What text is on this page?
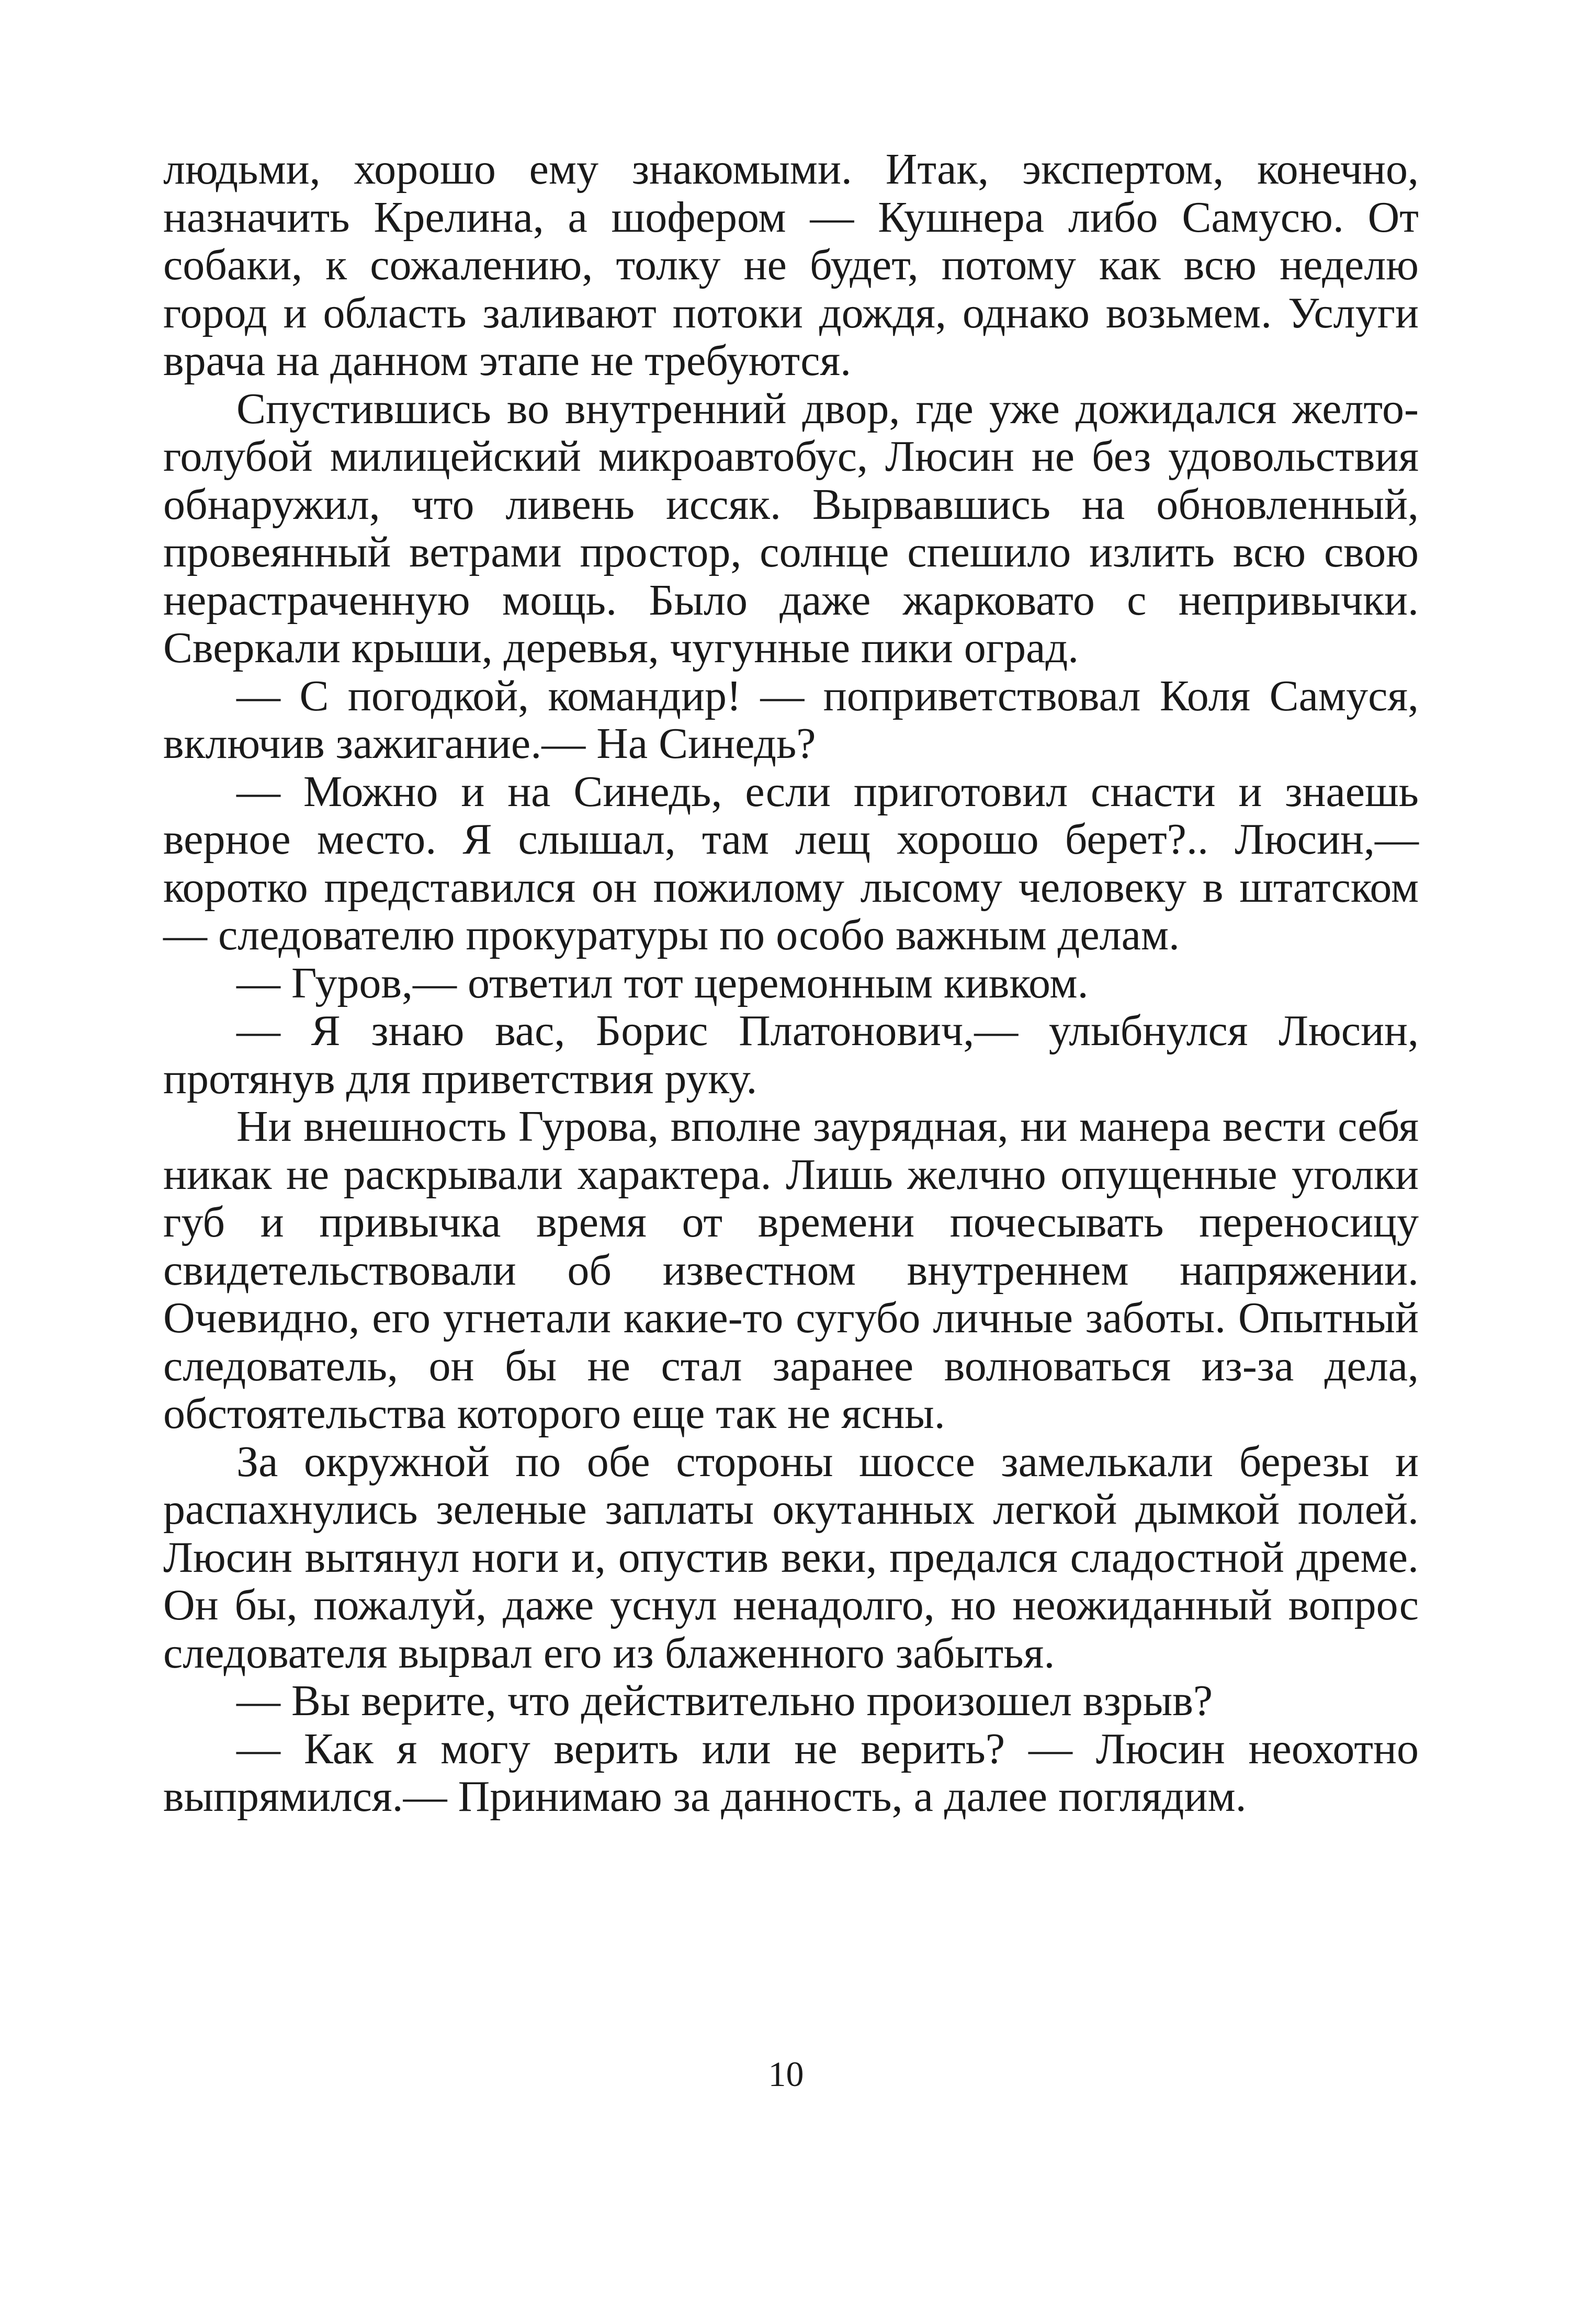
людьми, хорошо ему знакомыми. Итак, экспертом, конечно, назначить Крелина, а шофером — Кушнера либо Самусю. От собаки, к сожалению, толку не будет, потому как всю неделю город и область заливают потоки дождя, однако возьмем. Услуги врача на данном этапе не требуются.

Спустившись во внутренний двор, где уже дожидался желто-голубой милицейский микроавтобус, Люсин не без удовольствия обнаружил, что ливень иссяк. Вырвавшись на обновленный, провеянный ветрами простор, солнце спешило излить всю свою нерастраченную мощь. Было даже жарковато с непривычки. Сверкали крыши, деревья, чугунные пики оград.

— С погодкой, командир! — поприветствовал Коля Самуся, включив зажигание.— На Синедь?

— Можно и на Синедь, если приготовил снасти и знаешь верное место. Я слышал, там лещ хорошо берет?.. Люсин,— коротко представился он пожилому лысому человеку в штатском — следователю прокуратуры по особо важным делам.

— Гуров,— ответил тот церемонным кивком.

— Я знаю вас, Борис Платонович,— улыбнулся Люсин, протянув для приветствия руку.

Ни внешность Гурова, вполне заурядная, ни манера вести себя никак не раскрывали характера. Лишь желчно опущенные уголки губ и привычка время от времени почесывать переносицу свидетельствовали об известном внутреннем напряжении. Очевидно, его угнетали какие-то сугубо личные заботы. Опытный следователь, он бы не стал заранее волноваться из-за дела, обстоятельства которого еще так не ясны.

За окружной по обе стороны шоссе замелькали березы и распахнулись зеленые заплаты окутанных легкой дымкой полей. Люсин вытянул ноги и, опустив веки, предался сладостной дреме. Он бы, пожалуй, даже уснул ненадолго, но неожиданный вопрос следователя вырвал его из блаженного забытья.

— Вы верите, что действительно произошел взрыв?

— Как я могу верить или не верить? — Люсин неохотно выпрямился.— Принимаю за данность, а далее поглядим.

10
